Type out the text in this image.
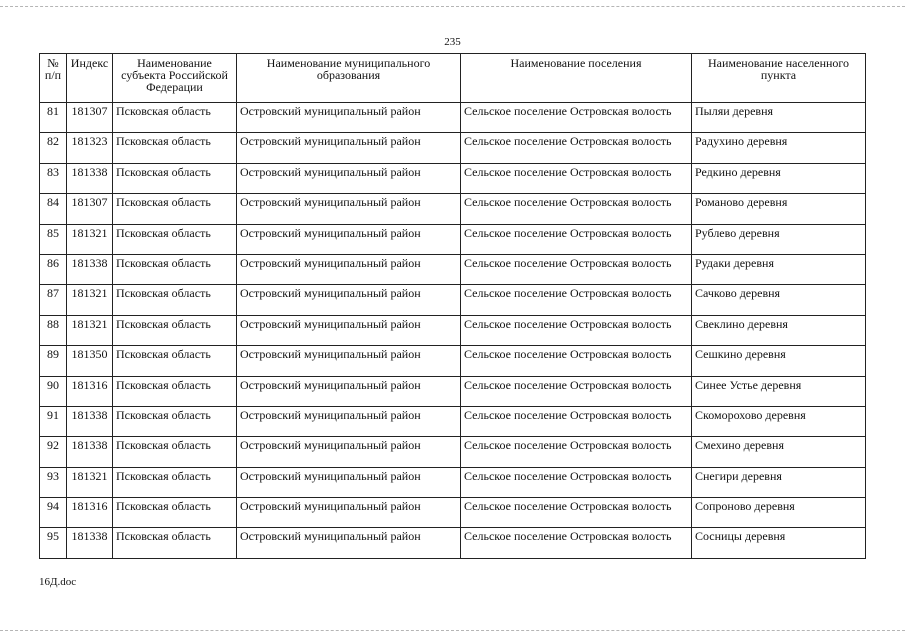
235
№ п/п	Индекс	Наименование субъекта Российской Федерации	Наименование муниципального образования	Наименование поселения	Наименование населенного пункта
81	181307	Псковская область	Островский муниципальный район	Сельское поселение Островская волость	Пыляи деревня
82	181323	Псковская область	Островский муниципальный район	Сельское поселение Островская волость	Радухино деревня
83	181338	Псковская область	Островский муниципальный район	Сельское поселение Островская волость	Редкино деревня
84	181307	Псковская область	Островский муниципальный район	Сельское поселение Островская волость	Романово деревня
85	181321	Псковская область	Островский муниципальный район	Сельское поселение Островская волость	Рублево деревня
86	181338	Псковская область	Островский муниципальный район	Сельское поселение Островская волость	Рудаки деревня
87	181321	Псковская область	Островский муниципальный район	Сельское поселение Островская волость	Сачково деревня
88	181321	Псковская область	Островский муниципальный район	Сельское поселение Островская волость	Свеклино деревня
89	181350	Псковская область	Островский муниципальный район	Сельское поселение Островская волость	Сешкино деревня
90	181316	Псковская область	Островский муниципальный район	Сельское поселение Островская волость	Синее Устье деревня
91	181338	Псковская область	Островский муниципальный район	Сельское поселение Островская волость	Скоморохово деревня
92	181338	Псковская область	Островский муниципальный район	Сельское поселение Островская волость	Смехино деревня
93	181321	Псковская область	Островский муниципальный район	Сельское поселение Островская волость	Снегири деревня
94	181316	Псковская область	Островский муниципальный район	Сельское поселение Островская волость	Сопроново деревня
95	181338	Псковская область	Островский муниципальный район	Сельское поселение Островская волость	Сосницы деревня
16Д.doc
